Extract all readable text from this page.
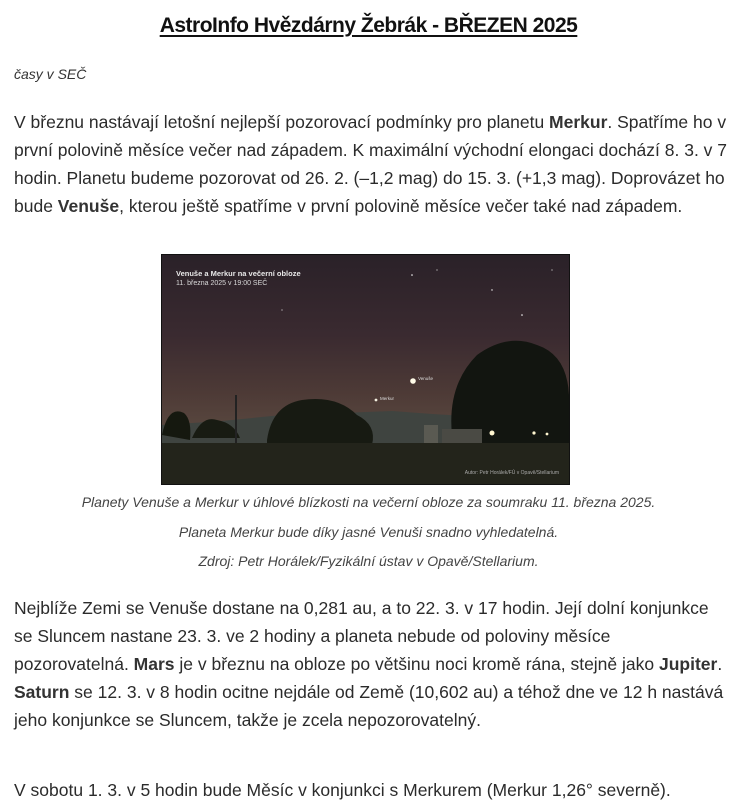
AstroInfo Hvězdárny Žebrák - BŘEZEN 2025
časy v SEČ

V březnu nastávají letošní nejlepší pozorovací podmínky pro planetu Merkur. Spatříme ho v první polovině měsíce večer nad západem. K maximální východní elongaci dochází 8. 3. v 7 hodin. Planetu budeme pozorovat od 26. 2. (–1,2 mag) do 15. 3. (+1,3 mag). Doprovázet ho bude Venuše, kterou ještě spatříme v první polovině měsíce večer také nad západem.

Venuše a Merkur na večerní obloze
11. března 2025 v 19:00 SEČ
Venuše
Merkur
Autor: Petr Horálek/FÚ v Opavě/Stellarium
Planety Venuše a Merkur v úhlové blízkosti na večerní obloze za soumraku 11. března 2025.
Planeta Merkur bude díky jasné Venuši snadno vyhledatelná.
Zdroj: Petr Horálek/Fyzikální ústav v Opavě/Stellarium.

Nejblíže Zemi se Venuše dostane na 0,281 au, a to 22. 3. v 17 hodin. Její dolní konjunkce se Sluncem nastane 23. 3. ve 2 hodiny a planeta nebude od poloviny měsíce pozorovatelná. Mars je v březnu na obloze po většinu noci kromě rána, stejně jako Jupiter. Saturn se 12. 3. v 8 hodin ocitne nejdále od Země (10,602 au) a téhož dne ve 12 h nastává jeho konjunkce se Sluncem, takže je zcela nepozorovatelný.

V sobotu 1. 3. v 5 hodin bude Měsíc v konjunkci s Merkurem (Merkur 1,26° severně).
